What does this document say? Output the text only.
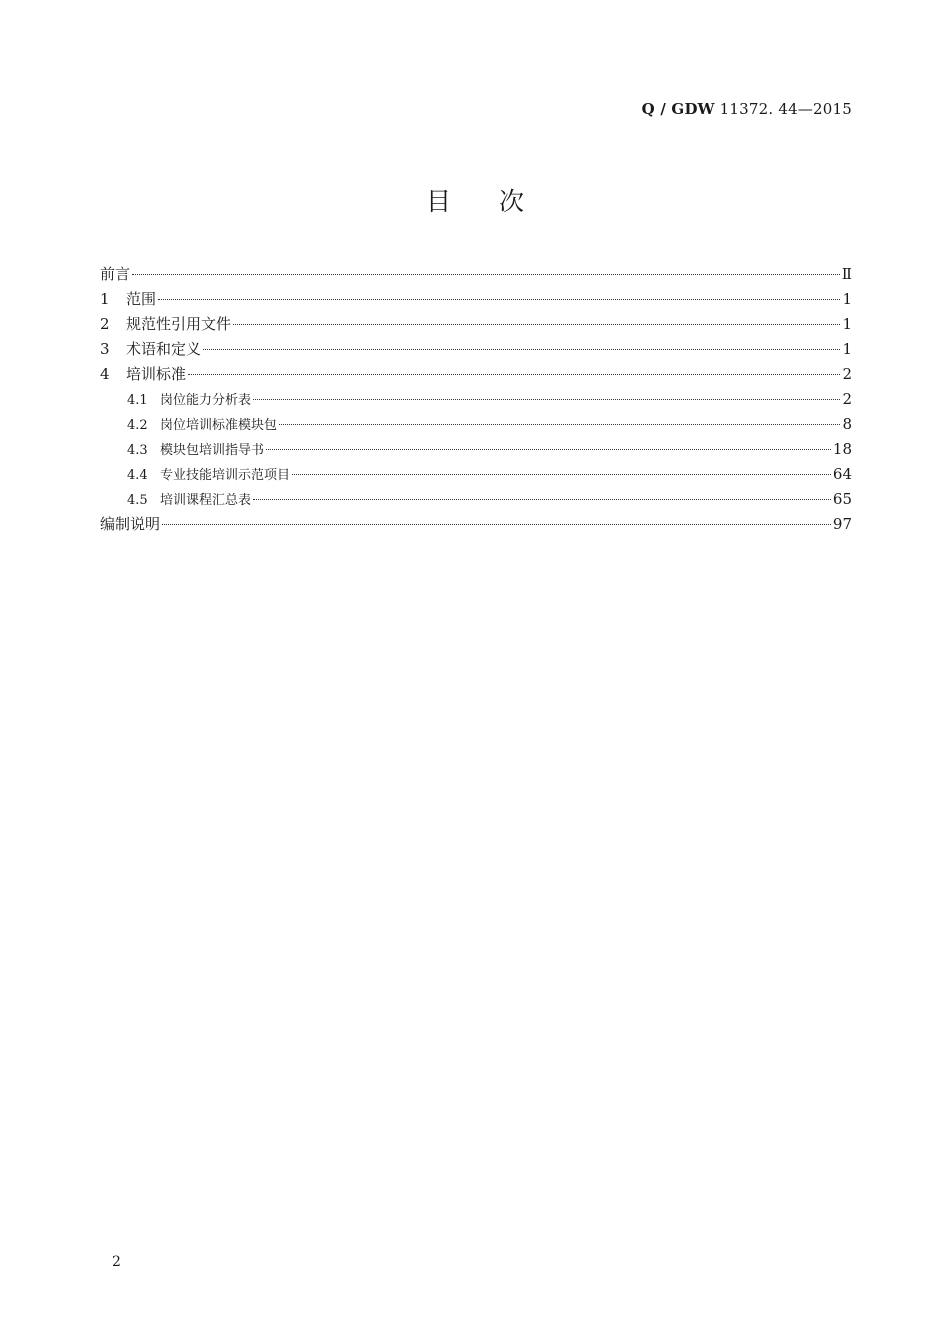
Q / GDW 11372. 44—2015
目 次
前言	Ⅱ
1	范围	1
2	规范性引用文件	1
3	术语和定义	1
4	培训标准	2
4.1 岗位能力分析表	2
4.2 岗位培训标准模块包	8
4.3 模块包培训指导书	18
4.4 专业技能培训示范项目	64
4.5 培训课程汇总表	65
编制说明	97
2
